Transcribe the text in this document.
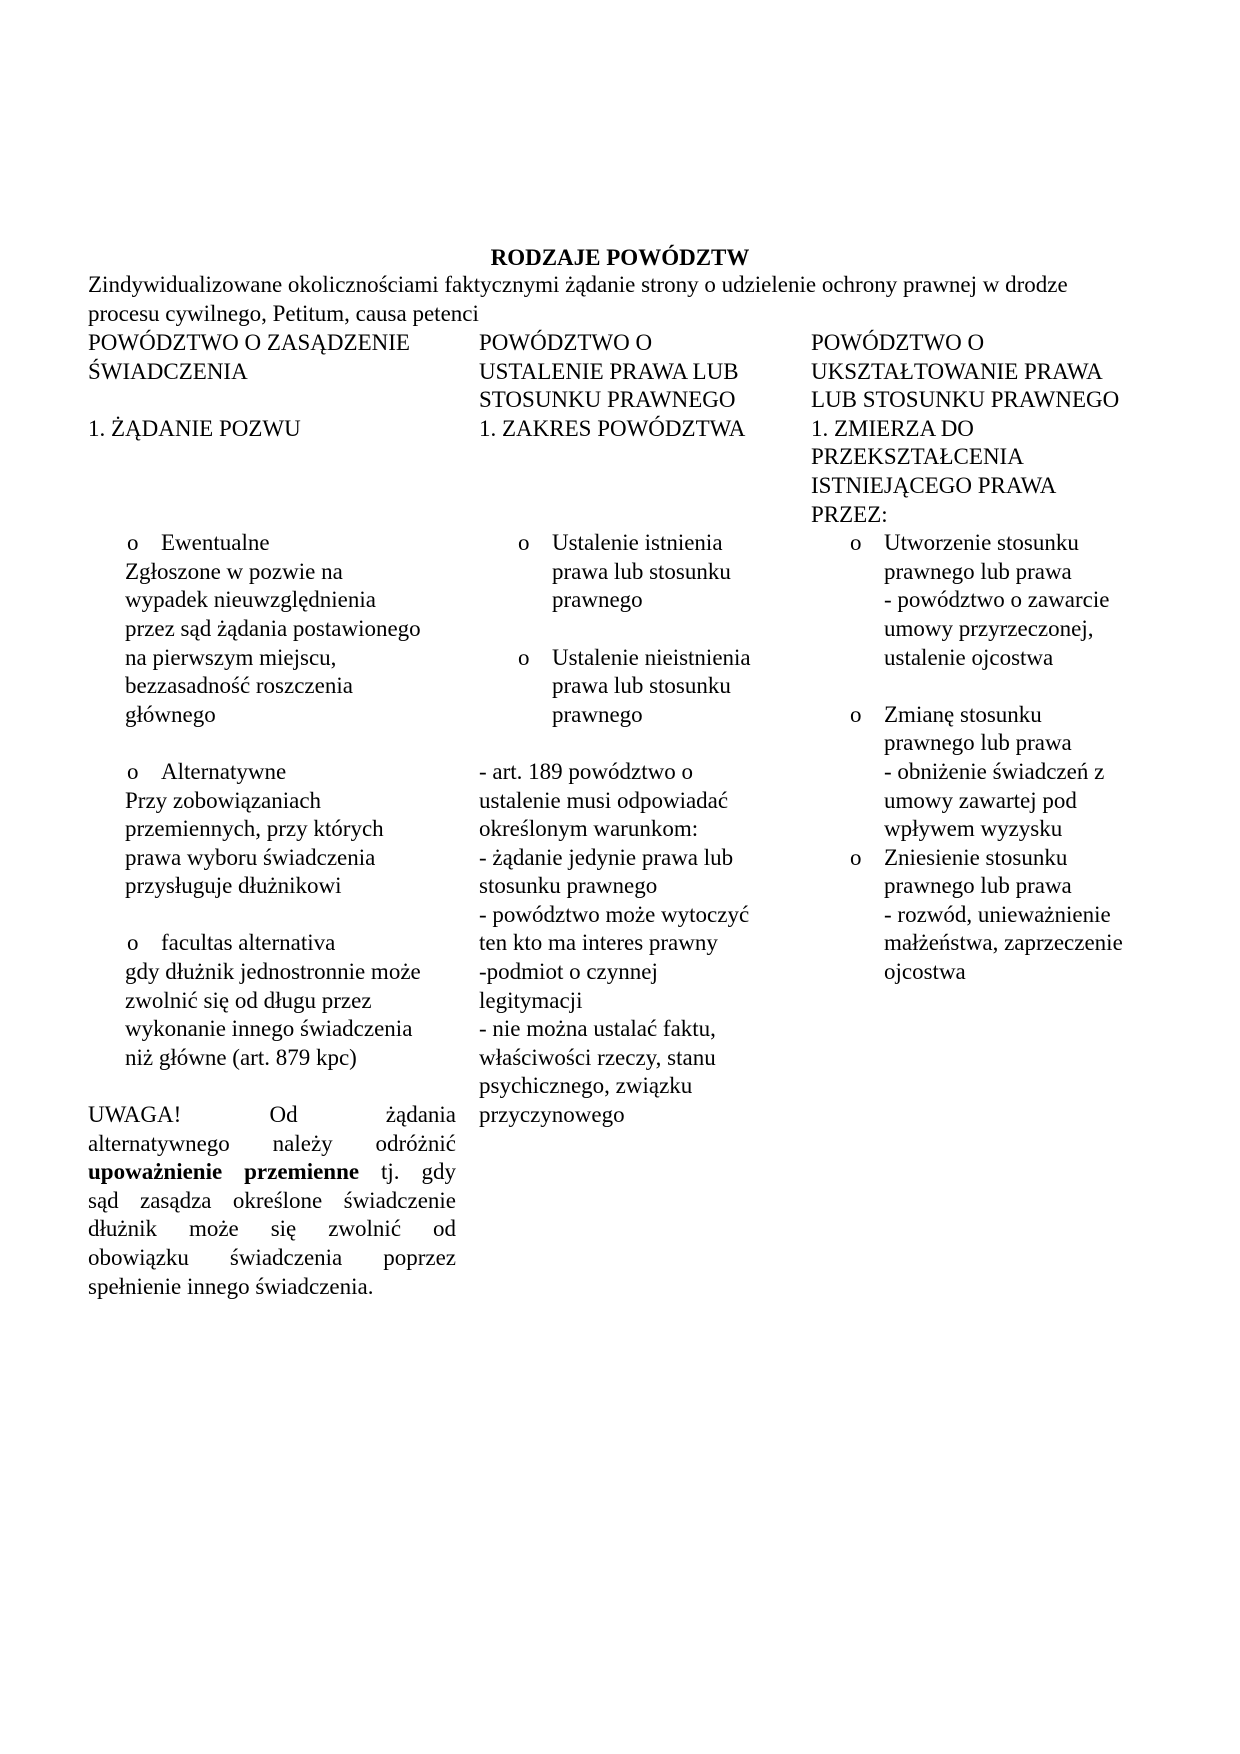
RODZAJE POWÓDZTW
Zindywidualizowane okolicznościami faktycznymi żądanie strony o udzielenie ochrony prawnej w drodze
procesu cywilnego, Petitum, causa petenci
POWÓDZTWO O ZASĄDZENIE
ŚWIADCZENIA
1. ŻĄDANIE POZWU
o Ewentualne
Zgłoszone w pozwie na
wypadek nieuwzględnienia
przez sąd żądania postawionego
na pierwszym miejscu,
bezzasadność roszczenia
głównego
o Alternatywne
Przy zobowiązaniach
przemiennych, przy których
prawa wyboru świadczenia
przysługuje dłużnikowi
o facultas alternativa
gdy dłużnik jednostronnie może
zwolnić się od długu przez
wykonanie innego świadczenia
niż główne (art. 879 kpc)
UWAGA! Od żądania
alternatywnego należy odróżnić
upoważnienie przemienne tj. gdy
sąd zasądza określone świadczenie
dłużnik może się zwolnić od
obowiązku świadczenia poprzez
spełnienie innego świadczenia.
POWÓDZTWO O
USTALENIE PRAWA LUB
STOSUNKU PRAWNEGO
1. ZAKRES POWÓDZTWA
o Ustalenie istnienia
prawa lub stosunku
prawnego
o Ustalenie nieistnienia
prawa lub stosunku
prawnego
- art. 189 powództwo o
ustalenie musi odpowiadać
określonym warunkom:
- żądanie jedynie prawa lub
stosunku prawnego
- powództwo może wytoczyć
ten kto ma interes prawny
-podmiot o czynnej
legitymacji
- nie można ustalać faktu,
właściwości rzeczy, stanu
psychicznego, związku
przyczynowego
POWÓDZTWO O
UKSZTAŁTOWANIE PRAWA
LUB STOSUNKU PRAWNEGO
1. ZMIERZA DO
PRZEKSZTAŁCENIA
ISTNIEJĄCEGO PRAWA
PRZEZ:
o Utworzenie stosunku
prawnego lub prawa
- powództwo o zawarcie
umowy przyrzeczonej,
ustalenie ojcostwa
o Zmianę stosunku
prawnego lub prawa
- obniżenie świadczeń z
umowy zawartej pod
wpływem wyzysku
o Zniesienie stosunku
prawnego lub prawa
- rozwód, unieważnienie
małżeństwa, zaprzeczenie
ojcostwa
